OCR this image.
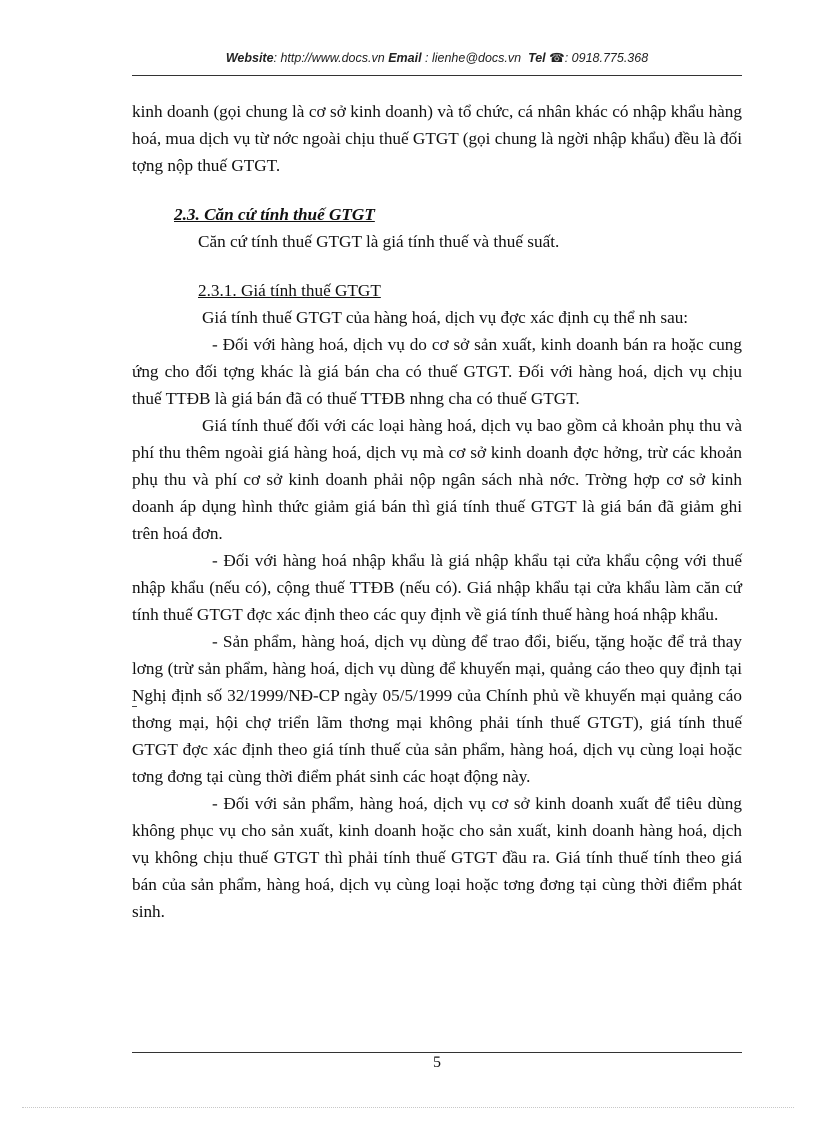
Website: http://www.docs.vn Email : lienhe@docs.vn Tel ☎: 0918.775.368

kinh doanh (gọi chung là cơ sở kinh doanh) và tổ chức, cá nhân khác có nhập khẩu hàng hoá, mua dịch vụ từ nớc ngoài chịu thuế GTGT (gọi chung là ngời nhập khẩu) đều là đối tợng nộp thuế GTGT.

2.3. Căn cứ tính thuế GTGT

Căn cứ tính thuế GTGT là giá tính thuế và thuế suất.

2.3.1. Giá tính thuế GTGT

Giá tính thuế GTGT của hàng hoá, dịch vụ đợc xác định cụ thể nh sau:

- Đối với hàng hoá, dịch vụ do cơ sở sản xuất, kinh doanh bán ra hoặc cung ứng cho đối tợng khác là giá bán cha có thuế GTGT. Đối với hàng hoá, dịch vụ chịu thuế TTĐB là giá bán đã có thuế TTĐB nhng cha có thuế GTGT.

Giá tính thuế đối với các loại hàng hoá, dịch vụ bao gồm cả khoản phụ thu và phí thu thêm ngoài giá hàng hoá, dịch vụ mà cơ sở kinh doanh đợc hởng, trừ các khoản phụ thu và phí cơ sở kinh doanh phải nộp ngân sách nhà nớc. Trờng hợp cơ sở kinh doanh áp dụng hình thức giảm giá bán thì giá tính thuế GTGT là giá bán đã giảm ghi trên hoá đơn.

- Đối với hàng hoá nhập khẩu là giá nhập khẩu tại cửa khẩu cộng với thuế nhập khẩu (nếu có), cộng thuế TTĐB (nếu có). Giá nhập khẩu tại cửa khẩu làm căn cứ tính thuế GTGT đợc xác định theo các quy định về giá tính thuế hàng hoá nhập khẩu.

- Sản phẩm, hàng hoá, dịch vụ dùng để trao đổi, biếu, tặng hoặc để trả thay lơng (trừ sản phẩm, hàng hoá, dịch vụ dùng để khuyến mại, quảng cáo theo quy định tại Nghị định số 32/1999/NĐ-CP ngày 05/5/1999 của Chính phủ về khuyến mại quảng cáo thơng mại, hội chợ triển lãm thơng mại không phải tính thuế GTGT), giá tính thuế GTGT đợc xác định theo giá tính thuế của sản phẩm, hàng hoá, dịch vụ cùng loại hoặc tơng đơng tại cùng thời điểm phát sinh các hoạt động này.

- Đối với sản phẩm, hàng hoá, dịch vụ cơ sở kinh doanh xuất để tiêu dùng không phục vụ cho sản xuất, kinh doanh hoặc cho sản xuất, kinh doanh hàng hoá, dịch vụ không chịu thuế GTGT thì phải tính thuế GTGT đầu ra. Giá tính thuế tính theo giá bán của sản phẩm, hàng hoá, dịch vụ cùng loại hoặc tơng đơng tại cùng thời điểm phát sinh.

5
